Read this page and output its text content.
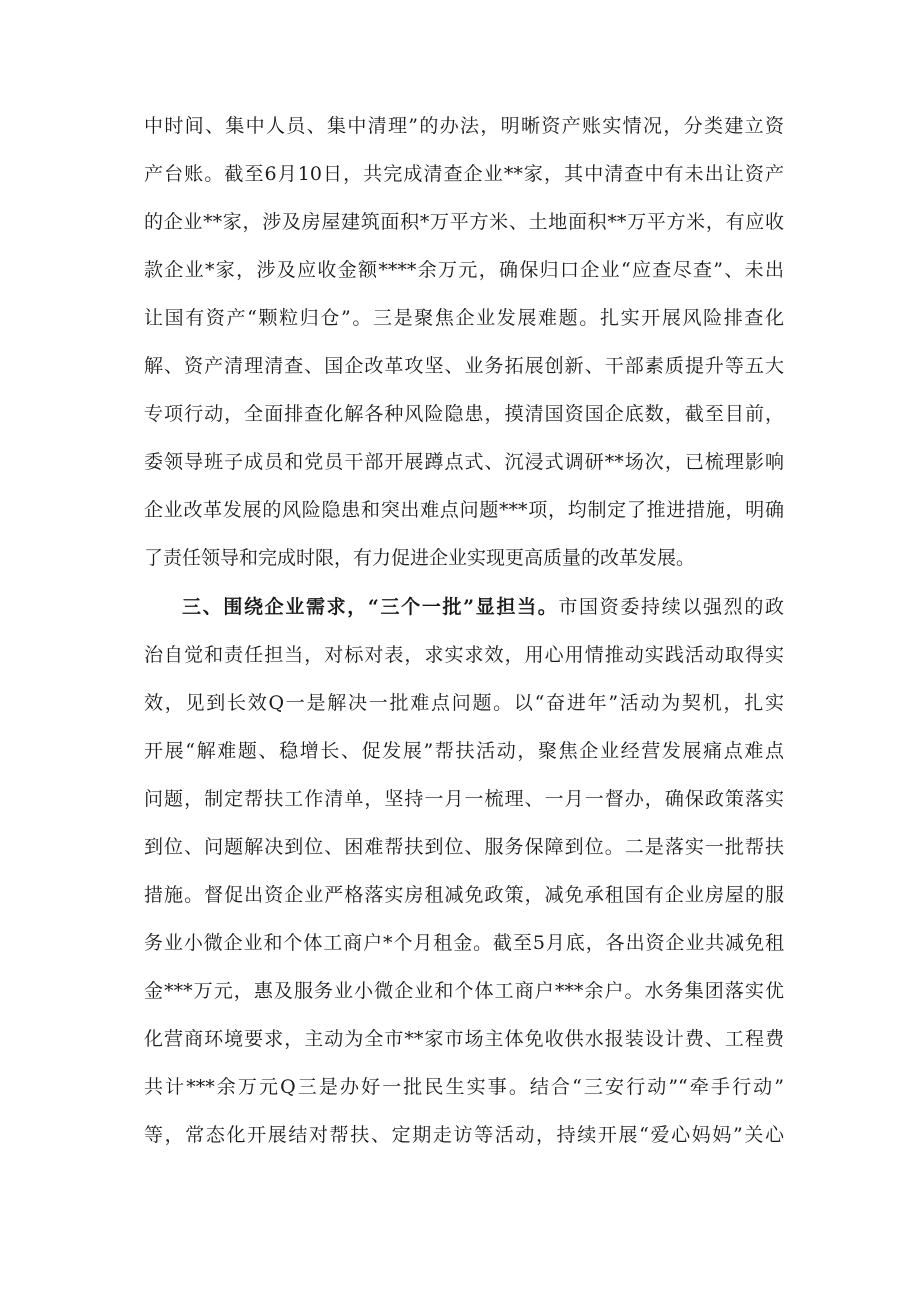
中时间、集中人员、集中清理”的办法，明晰资产账实情况，分类建立资
产台账。截至6月10日，共完成清查企业**家，其中清查中有未出让资产
的企业**家，涉及房屋建筑面积*万平方米、土地面积**万平方米，有应收
款企业*家，涉及应收金额****余万元，确保归口企业“应查尽查”、未出
让国有资产“颗粒归仓”。三是聚焦企业发展难题。扎实开展风险排查化
解、资产清理清查、国企改革攻坚、业务拓展创新、干部素质提升等五大
专项行动，全面排查化解各种风险隐患，摸清国资国企底数，截至目前，
委领导班子成员和党员干部开展蹲点式、沉浸式调研**场次，已梳理影响
企业改革发展的风险隐患和突出难点问题***项，均制定了推进措施，明确
了责任领导和完成时限，有力促进企业实现更高质量的改革发展。
三、围绕企业需求，“三个一批”显担当。市国资委持续以强烈的政
治自觉和责任担当，对标对表，求实求效，用心用情推动实践活动取得实
效，见到长效Q一是解决一批难点问题。以“奋进年”活动为契机，扎实
开展“解难题、稳增长、促发展”帮扶活动，聚焦企业经营发展痛点难点
问题，制定帮扶工作清单，坚持一月一梳理、一月一督办，确保政策落实
到位、问题解决到位、困难帮扶到位、服务保障到位。二是落实一批帮扶
措施。督促出资企业严格落实房租减免政策，减免承租国有企业房屋的服
务业小微企业和个体工商户*个月租金。截至5月底，各出资企业共减免租
金***万元，惠及服务业小微企业和个体工商户***余户。水务集团落实优
化营商环境要求，主动为全市**家市场主体免收供水报装设计费、工程费
共计***余万元Q三是办好一批民生实事。结合“三安行动”“牵手行动”
等，常态化开展结对帮扶、定期走访等活动，持续开展“爱心妈妈”关心
